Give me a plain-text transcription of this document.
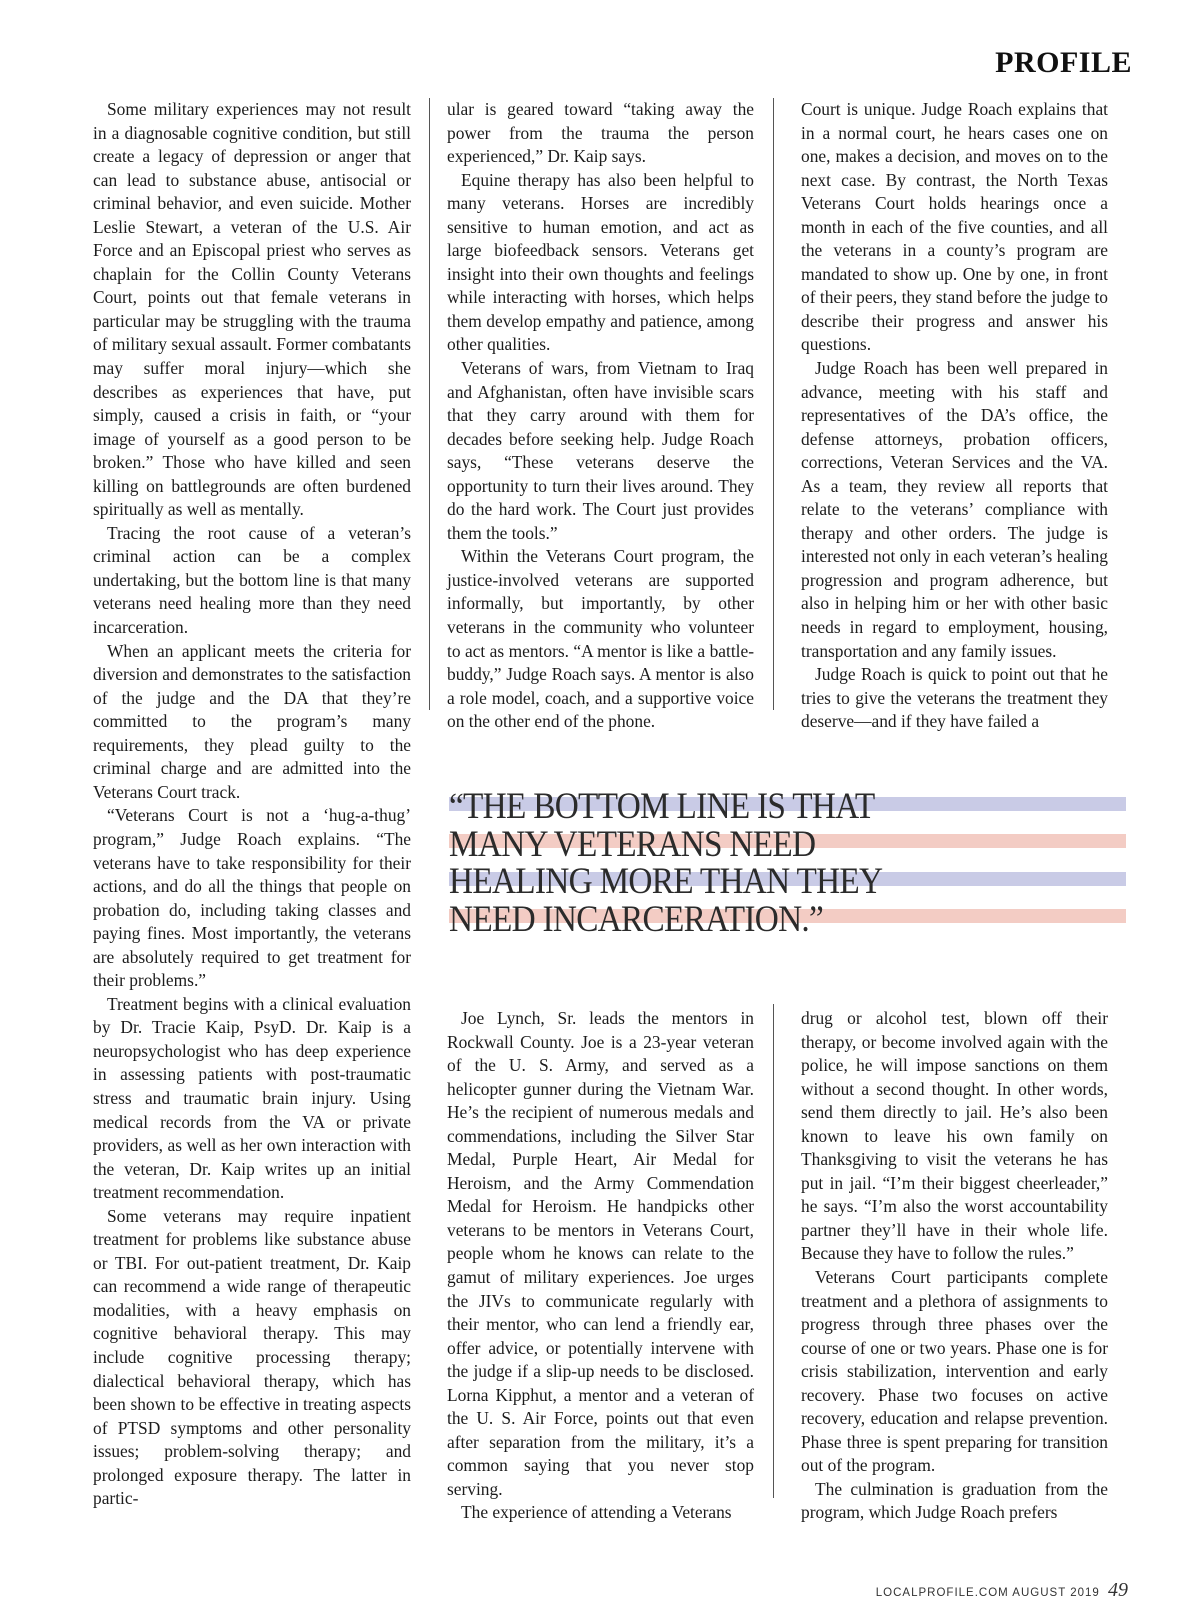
PROFILE

Some military experiences may not result in a diagnosable cognitive condition, but still create a legacy of depression or anger that can lead to substance abuse, antisocial or criminal behavior, and even suicide. Mother Leslie Stewart, a veteran of the U.S. Air Force and an Episcopal priest who serves as chaplain for the Collin County Veterans Court, points out that female veterans in particular may be struggling with the trauma of military sexual assault. Former combatants may suffer moral injury—which she describes as experiences that have, put simply, caused a crisis in faith, or “your image of yourself as a good person to be broken.” Those who have killed and seen killing on battlegrounds are often burdened spiritually as well as mentally.

Tracing the root cause of a veteran’s criminal action can be a complex undertaking, but the bottom line is that many veterans need healing more than they need incarceration.

When an applicant meets the criteria for diversion and demonstrates to the satisfaction of the judge and the DA that they’re committed to the program’s many requirements, they plead guilty to the criminal charge and are admitted into the Veterans Court track.

“Veterans Court is not a ‘hug-a-thug’ program,” Judge Roach explains. “The veterans have to take responsibility for their actions, and do all the things that people on probation do, including taking classes and paying fines. Most importantly, the veterans are absolutely required to get treatment for their problems.”

Treatment begins with a clinical evaluation by Dr. Tracie Kaip, PsyD. Dr. Kaip is a neuropsychologist who has deep experience in assessing patients with post-traumatic stress and traumatic brain injury. Using medical records from the VA or private providers, as well as her own interaction with the veteran, Dr. Kaip writes up an initial treatment recommendation.

Some veterans may require inpatient treatment for problems like substance abuse or TBI. For out-patient treatment, Dr. Kaip can recommend a wide range of therapeutic modalities, with a heavy emphasis on cognitive behavioral therapy. This may include cognitive processing therapy; dialectical behavioral therapy, which has been shown to be effective in treating aspects of PTSD symptoms and other personality issues; problem-solving therapy; and prolonged exposure therapy. The latter in partic-

ular is geared toward “taking away the power from the trauma the person experienced,” Dr. Kaip says.

Equine therapy has also been helpful to many veterans. Horses are incredibly sensitive to human emotion, and act as large biofeedback sensors. Veterans get insight into their own thoughts and feelings while interacting with horses, which helps them develop empathy and patience, among other qualities.

Veterans of wars, from Vietnam to Iraq and Afghanistan, often have invisible scars that they carry around with them for decades before seeking help. Judge Roach says, “These veterans deserve the opportunity to turn their lives around. They do the hard work. The Court just provides them the tools.”

Within the Veterans Court program, the justice-involved veterans are supported informally, but importantly, by other veterans in the community who volunteer to act as mentors. “A mentor is like a battle-buddy,” Judge Roach says. A mentor is also a role model, coach, and a supportive voice on the other end of the phone.

Court is unique. Judge Roach explains that in a normal court, he hears cases one on one, makes a decision, and moves on to the next case. By contrast, the North Texas Veterans Court holds hearings once a month in each of the five counties, and all the veterans in a county’s program are mandated to show up. One by one, in front of their peers, they stand before the judge to describe their progress and answer his questions.

Judge Roach has been well prepared in advance, meeting with his staff and representatives of the DA’s office, the defense attorneys, probation officers, corrections, Veteran Services and the VA. As a team, they review all reports that relate to the veterans’ compliance with therapy and other orders. The judge is interested not only in each veteran’s healing progression and program adherence, but also in helping him or her with other basic needs in regard to employment, housing, transportation and any family issues.

Judge Roach is quick to point out that he tries to give the veterans the treatment they deserve—and if they have failed a

“THE BOTTOM LINE IS THAT
MANY VETERANS NEED
HEALING MORE THAN THEY
NEED INCARCERATION.”

Joe Lynch, Sr. leads the mentors in Rockwall County. Joe is a 23-year veteran of the U. S. Army, and served as a helicopter gunner during the Vietnam War. He’s the recipient of numerous medals and commendations, including the Silver Star Medal, Purple Heart, Air Medal for Heroism, and the Army Commendation Medal for Heroism. He handpicks other veterans to be mentors in Veterans Court, people whom he knows can relate to the gamut of military experiences. Joe urges the JIVs to communicate regularly with their mentor, who can lend a friendly ear, offer advice, or potentially intervene with the judge if a slip-up needs to be disclosed. Lorna Kipphut, a mentor and a veteran of the U. S. Air Force, points out that even after separation from the military, it’s a common saying that you never stop serving.

The experience of attending a Veterans

drug or alcohol test, blown off their therapy, or become involved again with the police, he will impose sanctions on them without a second thought. In other words, send them directly to jail. He’s also been known to leave his own family on Thanksgiving to visit the veterans he has put in jail. “I’m their biggest cheerleader,” he says. “I’m also the worst accountability partner they’ll have in their whole life. Because they have to follow the rules.”

Veterans Court participants complete treatment and a plethora of assignments to progress through three phases over the course of one or two years. Phase one is for crisis stabilization, intervention and early recovery. Phase two focuses on active recovery, education and relapse prevention. Phase three is spent preparing for transition out of the program.

The culmination is graduation from the program, which Judge Roach prefers

LOCALPROFILE.COM AUGUST 2019 49
